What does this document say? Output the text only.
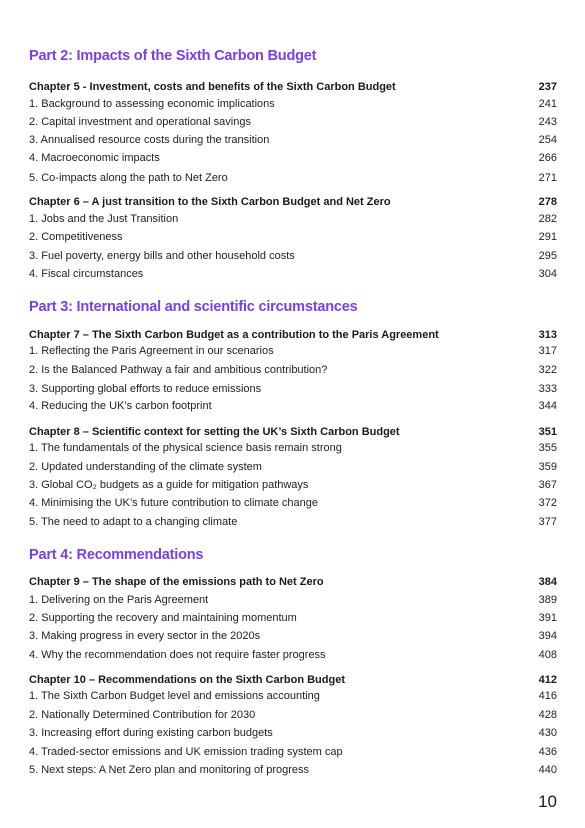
Part 2: Impacts of the Sixth Carbon Budget
Chapter 5 - Investment, costs and benefits of the Sixth Carbon Budget	237
1. Background to assessing economic implications	241
2. Capital investment and operational savings	243
3. Annualised resource costs during the transition	254
4. Macroeconomic impacts	266
5. Co-impacts along the path to Net Zero	271
Chapter 6 – A just transition to the Sixth Carbon Budget and Net Zero	278
1. Jobs and the Just Transition	282
2. Competitiveness	291
3. Fuel poverty, energy bills and other household costs	295
4. Fiscal circumstances	304
Part 3: International and scientific circumstances
Chapter 7 – The Sixth Carbon Budget as a contribution to the Paris Agreement	313
1. Reflecting the Paris Agreement in our scenarios	317
2. Is the Balanced Pathway a fair and ambitious contribution?	322
3. Supporting global efforts to reduce emissions	333
4. Reducing the UK’s carbon footprint	344
Chapter 8 – Scientific context for setting the UK’s Sixth Carbon Budget	351
1. The fundamentals of the physical science basis remain strong	355
2. Updated understanding of the climate system	359
3. Global CO₂ budgets as a guide for mitigation pathways	367
4. Minimising the UK’s future contribution to climate change	372
5. The need to adapt to a changing climate	377
Part 4: Recommendations
Chapter 9 – The shape of the emissions path to Net Zero	384
1. Delivering on the Paris Agreement	389
2. Supporting the recovery and maintaining momentum	391
3. Making progress in every sector in the 2020s	394
4. Why the recommendation does not require faster progress	408
Chapter 10 – Recommendations on the Sixth Carbon Budget	412
1. The Sixth Carbon Budget level and emissions accounting	416
2. Nationally Determined Contribution for 2030	428
3. Increasing effort during existing carbon budgets	430
4. Traded-sector emissions and UK emission trading system cap	436
5. Next steps: A Net Zero plan and monitoring of progress	440
10
